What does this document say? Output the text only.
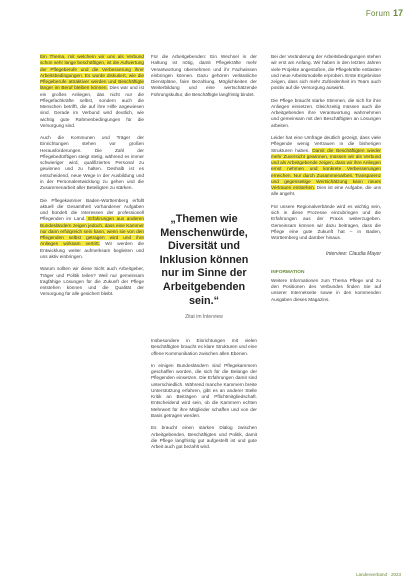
Forum 17

Ein Thema, mit welchem wir uns als Verbund schon sehr lange beschäftigen, ist die Aufwertung der Pflegeberufe und die Verbesserung ihrer Arbeitsbedingungen. Es wurde diskutiert, wie die Pflegeberufe attraktiver werden und Beschäftigte länger im Beruf bleiben können. Dies war und ist ein großes Anliegen, das nicht nur die Pflegefachkräfte selbst, sondern auch die Menschen betrifft, die auf ihre Hilfe angewiesen sind. Gerade im Verbund wird deutlich, wie wichtig gute Rahmenbedingungen für die Versorgung sind.

Auch die Kommunen und Träger der Einrichtungen stehen vor großen Herausforderungen. Die Zahl der Pflegebedürftigen steigt stetig, während es immer schwieriger wird, qualifiziertes Personal zu gewinnen und zu halten. Deshalb ist es entscheidend, neue Wege in der Ausbildung und in der Personalentwicklung zu gehen und die Zusammenarbeit aller Beteiligten zu stärken.

Die Pflegekammer Baden-Württemberg erfüllt aktuell die Gesamtheit vorhandener Aufgaben und bündelt die Interessen der professionell Pflegenden im Land. Erfahrungen aus anderen Bundesländern zeigen jedoch, dass eine Kammer nur dann erfolgreich sein kann, wenn sie von den Pflegenden selbst getragen wird und ihre Anliegen wirksam vertritt. Wir werden die Entwicklung weiter aufmerksam begleiten und uns aktiv einbringen.

Warum sollten wir diese Sicht auch Arbeitgeber, Träger und Politik teilen? Weil nur gemeinsam tragfähige Lösungen für die Zukunft der Pflege entstehen können und die Qualität der Versorgung für alle gesichert bleibt.

Für die Arbeitgebenden: Ein Wechsel in der Haltung ist nötig, damit Pflegekräfte mehr Verantwortung übernehmen und ihr Fachwissen einbringen können. Dazu gehören verlässliche Dienstpläne, faire Bezahlung, Möglichkeiten der Weiterbildung und eine wertschätzende Führungskultur, die Beschäftigte langfristig bindet.

„Themen wie Menschenwürde, Diversität und Inklusion können nur im Sinne der Arbeitgebenden sein.“
Zitat im Interview

Insbesondere in Einrichtungen mit vielen Beschäftigten braucht es klare Strukturen und eine offene Kommunikation zwischen allen Ebenen.

In einigen Bundesländern sind Pflegekammern geschaffen worden, die sich für die Belange der Pflegenden einsetzen. Die Erfahrungen damit sind unterschiedlich. Während manche Kammern breite Unterstützung erfahren, gibt es an anderer Stelle Kritik an Beiträgen und Pflichtmitgliedschaft. Entscheidend wird sein, ob die Kammern echten Mehrwert für ihre Mitglieder schaffen und von der Basis getragen werden.

Es braucht einen starken Dialog zwischen Arbeitgebenden, Beschäftigten und Politik, damit die Pflege langfristig gut aufgestellt ist und gute Arbeit auch gut bezahlt wird.

Bei der Veränderung der Arbeitsbedingungen stehen wir erst am Anfang. Wir haben in den letzten Jahren viele Projekte angestoßen, die Pflegekräfte entlasten und neue Arbeitsmodelle erproben. Erste Ergebnisse zeigen, dass sich mehr Zufriedenheit im Team auch positiv auf die Versorgung auswirkt.

Die Pflege braucht starke Stimmen, die sich für ihre Anliegen einsetzen. Gleichzeitig müssen auch die Arbeitgebenden ihre Verantwortung wahrnehmen und gemeinsam mit den Beschäftigten an Lösungen arbeiten.

Leider hat eine Umfrage deutlich gezeigt, dass viele Pflegende wenig Vertrauen in die bisherigen Strukturen haben. Damit die Beschäftigten wieder mehr Zuversicht gewinnen, müssen wir als Verbund und als Arbeitgebende zeigen, dass wir ihre Anliegen ernst nehmen und konkrete Verbesserungen erreichen. Nur durch Zusammenarbeit, Transparenz und gegenseitige Wertschätzung kann neues Vertrauen entstehen. Dies ist eine Aufgabe, die uns alle angeht.

Für unsere Regionalverbände wird es wichtig sein, sich in diese Prozesse einzubringen und die Erfahrungen aus der Praxis weiterzugeben. Gemeinsam können wir dazu beitragen, dass die Pflege eine gute Zukunft hat – in Baden, Württemberg und darüber hinaus.

Interview: Claudia Mayer

INFORMATION

Weitere Informationen zum Thema Pflege und zu den Positionen des Verbundes finden Sie auf unserer Internetseite sowie in den kommenden Ausgaben dieses Magazins.

Landesverband · 2023
